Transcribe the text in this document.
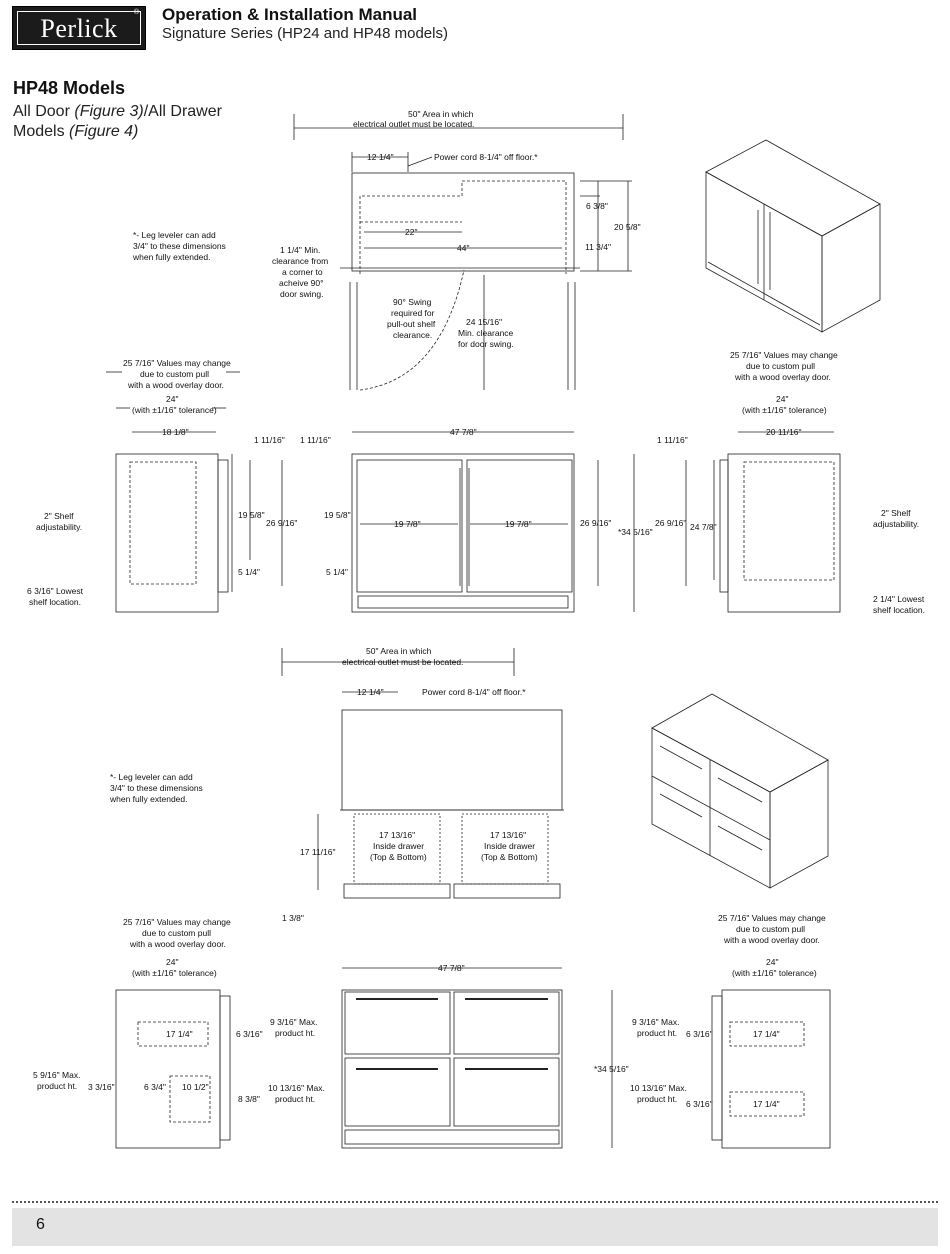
Perlick
® Operation & Installation Manual
Signature Series (HP24 and HP48 models)
HP48 Models
All Door (Figure 3)/All Drawer Models (Figure 4)
50" Area in which
electrical outlet must be located.
12 1/4"	Power cord 8-1/4" off floor.*
22"
44"
6 3/8"
20 5/8"
11 3/4"
*- Leg leveler can add
3/4" to these dimensions
when fully extended.
1 1/4" Min.
clearance from
a corner to
acheive 90°
door swing.
90° Swing
required for
pull-out shelf
clearance.
24 15/16"
Min. clearance
for door swing.
25 7/16" Values may change
due to custom pull
with a wood overlay door.
24"
(with ±1/16" tolerance)
18 1/8"
1 11/16"
19 5/8"
26 9/16"
5 1/4"
2" Shelf
adjustability.
6 3/16" Lowest
shelf location.
47 7/8"
19 7/8"	19 7/8"
1 11/16"
19 5/8"
5 1/4"
26 9/16"
*34 5/16"
25 7/16" Values may change
due to custom pull
with a wood overlay door.
24"
(with ±1/16" tolerance)
20 11/16"
1 11/16"
26 9/16" 24 7/8"
2" Shelf
adjustability.
2 1/4" Lowest
shelf location.
50" Area in which
electrical outlet must be located.
12 1/4"	Power cord 8-1/4" off floor.*
17 13/16"
Inside drawer
(Top & Bottom)
17 13/16"
Inside drawer
(Top & Bottom)
17 11/16"
1 3/8"
*- Leg leveler can add
3/4" to these dimensions
when fully extended.
25 7/16" Values may change
due to custom pull
with a wood overlay door.
24"
(with ±1/16" tolerance)
17 1/4"	6 3/16"
9 3/16" Max.
product ht.
5 9/16" Max.
product ht. 3 3/16"	6 3/4" 10 1/2"	10 13/16" Max.
product ht.
8 3/8"
47 7/8"
*34 5/16"
25 7/16" Values may change
due to custom pull
with a wood overlay door.
24"
(with ±1/16" tolerance)
17 1/4"
17 1/4"
6 3/16"
6 3/16"
9 3/16" Max.
product ht.
10 13/16" Max.
product ht.
6
